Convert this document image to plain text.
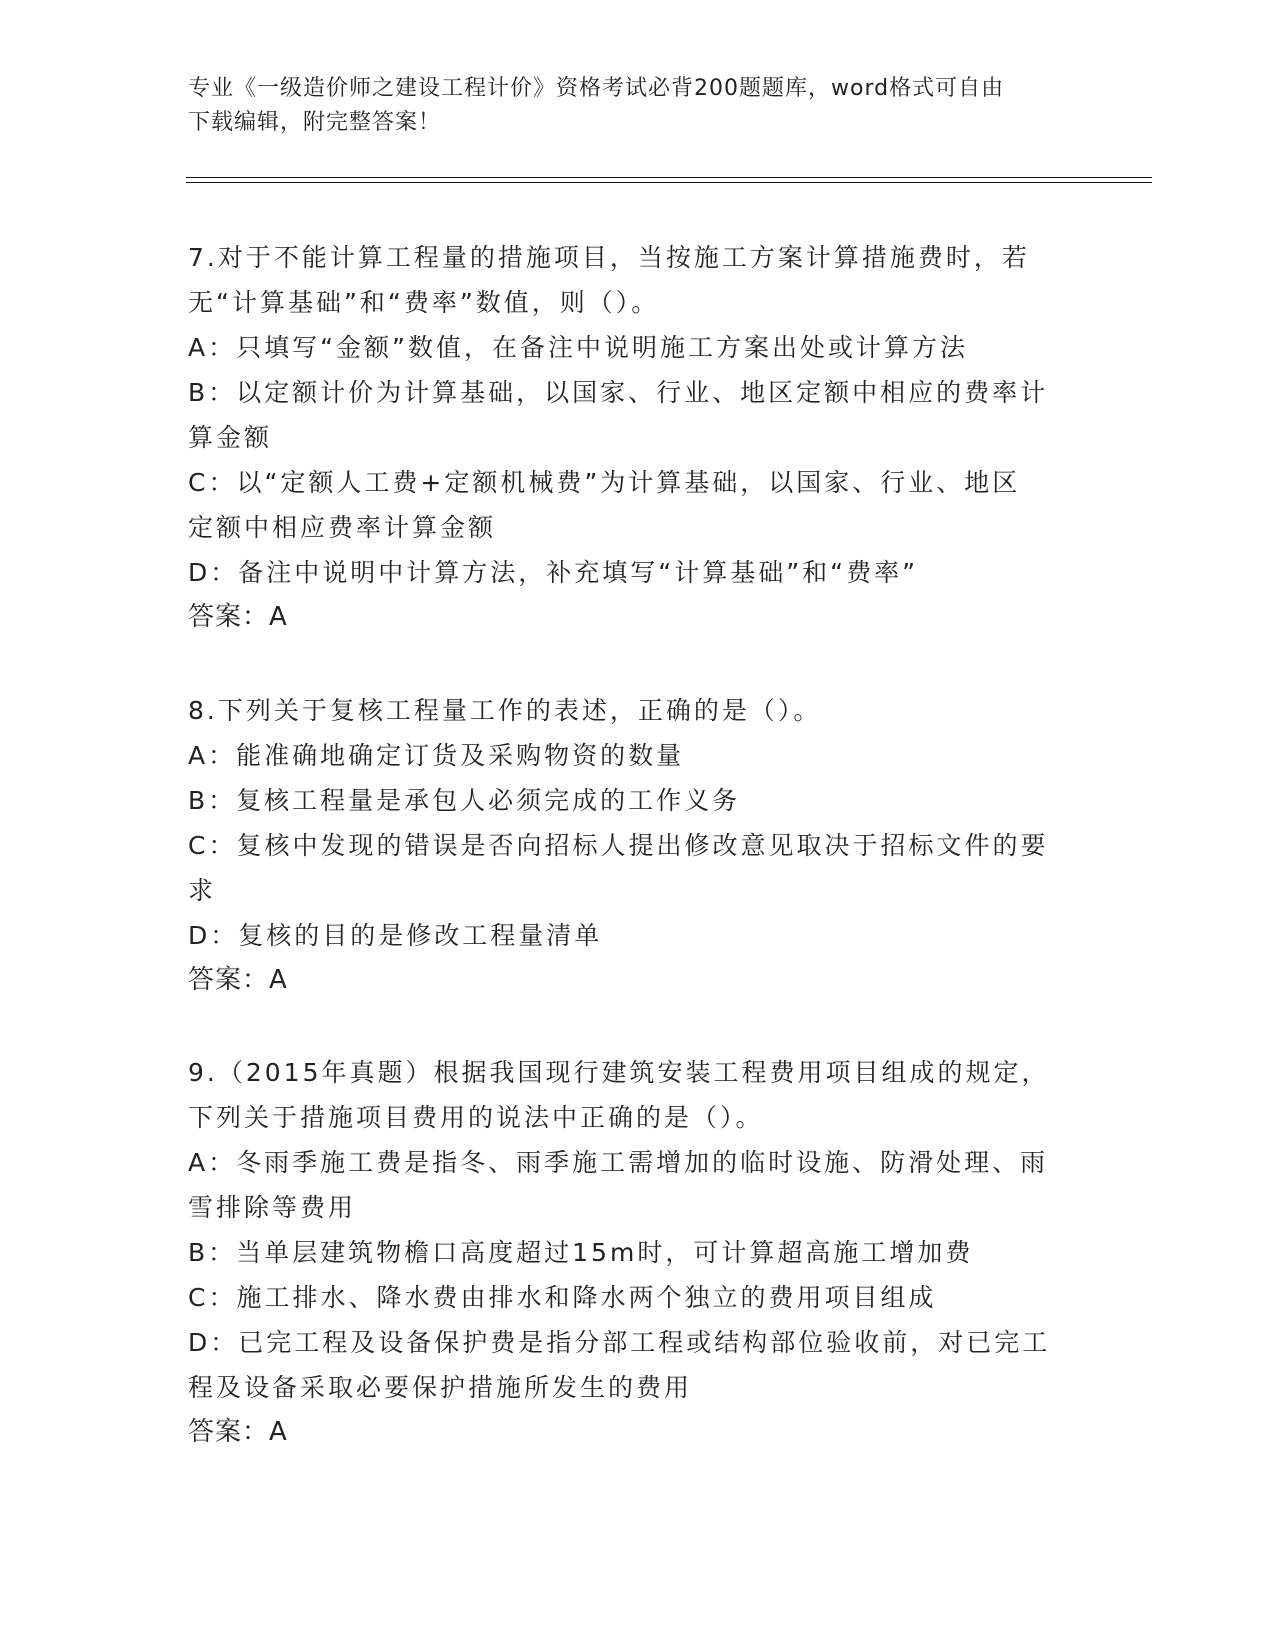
专业《一级造价师之建设工程计价》资格考试必背200题题库，word格式可自由
下载编辑，附完整答案！
7.对于不能计算工程量的措施项目，当按施工方案计算措施费时，若
无“计算基础”和“费率”数值，则（）。
A：只填写“金额”数值，在备注中说明施工方案出处或计算方法
B：以定额计价为计算基础，以国家、行业、地区定额中相应的费率计
算金额
C：以“定额人工费+定额机械费”为计算基础，以国家、行业、地区
定额中相应费率计算金额
D：备注中说明中计算方法，补充填写“计算基础”和“费率”
答案：A
8.下列关于复核工程量工作的表述，正确的是（）。
A：能准确地确定订货及采购物资的数量
B：复核工程量是承包人必须完成的工作义务
C：复核中发现的错误是否向招标人提出修改意见取决于招标文件的要
求
D：复核的目的是修改工程量清单
答案：A
9.（2015年真题）根据我国现行建筑安装工程费用项目组成的规定，
下列关于措施项目费用的说法中正确的是（）。
A：冬雨季施工费是指冬、雨季施工需增加的临时设施、防滑处理、雨
雪排除等费用
B：当单层建筑物檐口高度超过15m时，可计算超高施工增加费
C：施工排水、降水费由排水和降水两个独立的费用项目组成
D：已完工程及设备保护费是指分部工程或结构部位验收前，对已完工
程及设备采取必要保护措施所发生的费用
答案：A
